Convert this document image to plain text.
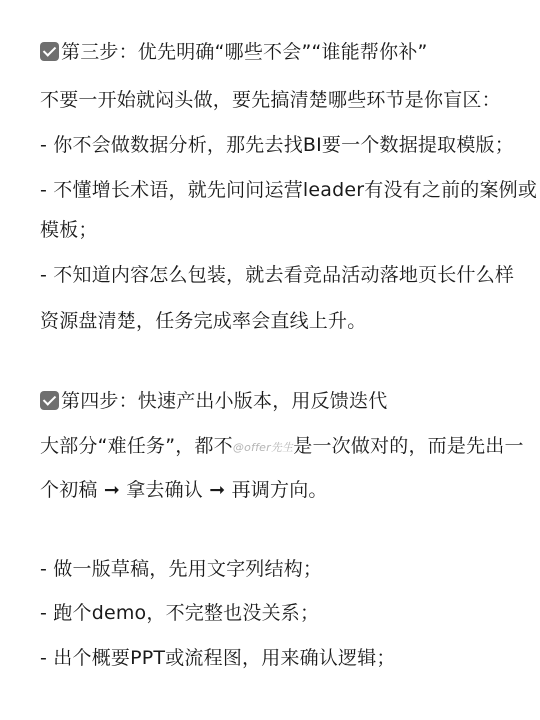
第三步：优先明确“哪些不会”“谁能帮你补”
不要一开始就闷头做，要先搞清楚哪些环节是你盲区：
- 你不会做数据分析，那先去找BI要一个数据提取模版；
- 不懂增长术语，就先问问运营leader有没有之前的案例或
模板；
- 不知道内容怎么包装，就去看竞品活动落地页长什么样
资源盘清楚，任务完成率会直线上升。
第四步：快速产出小版本，用反馈迭代
大部分“难任务”，都不@offer先生是一次做对的，而是先出一
个初稿 ➞ 拿去确认 ➞ 再调方向。
- 做一版草稿，先用文字列结构；
- 跑个demo，不完整也没关系；
- 出个概要PPT或流程图，用来确认逻辑；
